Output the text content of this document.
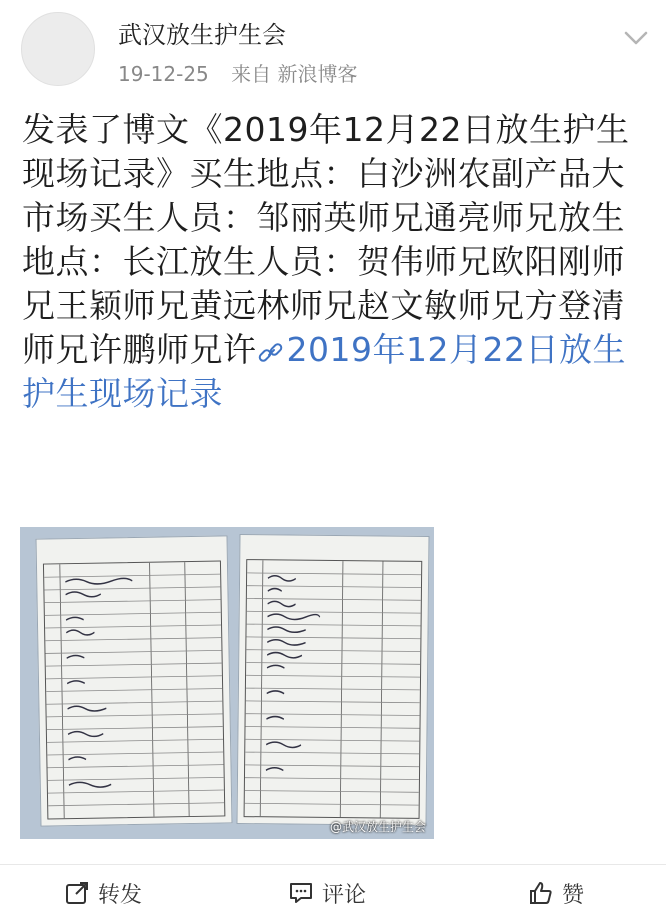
武汉放生护生会
19-12-25 来自 新浪博客
发表了博文《2019年12月22日放生护生现场记录》买生地点：白沙洲农副产品大市场买生人员：邹丽英师兄通亮师兄放生地点：长江放生人员：贺伟师兄欧阳刚师兄王颖师兄黄远林师兄赵文敏师兄方登清师兄许鹏师兄许 2019年12月22日放生护生现场记录
@武汉放生护生会
转发	评论	赞
